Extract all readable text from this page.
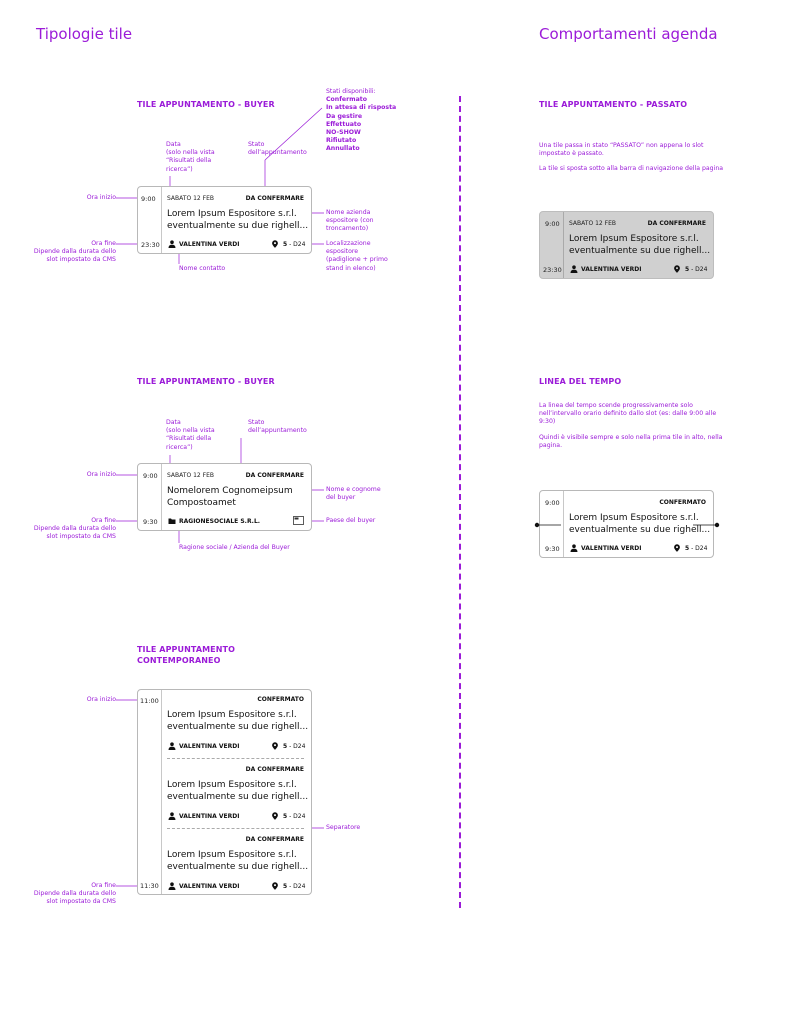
Tipologie tile	Comportamenti agenda
TILE APPUNTAMENTO - BUYER
Data
(solo nella vista
“Risultati della
ricerca”)
Stato
dell’appuntamento
Stati disponibili:
Confermato
In attesa di risposta
Da gestire
Effettuato
NO-SHOW
Rifiutato
Annullato
Ora inizio
Ora fine
Dipende dalla durata dello
slot impostato da CMS
Nome azienda
espositore (con
troncamento)
Localizzazione
espositore
(padiglione + primo
stand in elenco)
Nome contatto
9:00
23:30
SABATO 12 FEB	DA CONFERMARE
Lorem Ipsum Espositore s.r.l.
eventualmente su due righell...
VALENTINA VERDI	5 - D24
TILE APPUNTAMENTO - BUYER
Data
(solo nella vista
“Risultati della
ricerca”)
Stato
dell’appuntamento
Ora inizio
Ora fine
Dipende dalla durata dello
slot impostato da CMS
Nome e cognome
del buyer
Paese del buyer
Ragione sociale / Azienda del Buyer
9:00
9:30
SABATO 12 FEB	DA CONFERMARE
Nomelorem Cognomeipsum
Compostoamet
RAGIONESOCIALE S.R.L.
TILE APPUNTAMENTO
CONTEMPORANEO
Ora inizio
Ora fine
Dipende dalla durata dello
slot impostato da CMS
Separatore
11:00
11:30
CONFERMATO
Lorem Ipsum Espositore s.r.l.
eventualmente su due righell...
VALENTINA VERDI	5 - D24
DA CONFERMARE
Lorem Ipsum Espositore s.r.l.
eventualmente su due righell...
VALENTINA VERDI	5 - D24
DA CONFERMARE
Lorem Ipsum Espositore s.r.l.
eventualmente su due righell...
VALENTINA VERDI	5 - D24
TILE APPUNTAMENTO - PASSATO
Una tile passa in stato “PASSATO” non appena lo slot
impostato è passato.
La tile si sposta sotto alla barra di navigazione della pagina
9:00
23:30
SABATO 12 FEB	DA CONFERMARE
Lorem Ipsum Espositore s.r.l.
eventualmente su due righell...
VALENTINA VERDI	5 - D24
LINEA DEL TEMPO
La linea del tempo scende progressivamente solo
nell’intervallo orario definito dallo slot (es: dalle 9:00 alle
9:30)
Quindi è visibile sempre e solo nella prima tile in alto, nella
pagina.
9:00
9:30
CONFERMATO
Lorem Ipsum Espositore s.r.l.
eventualmente su due righell...
VALENTINA VERDI	5 - D24
